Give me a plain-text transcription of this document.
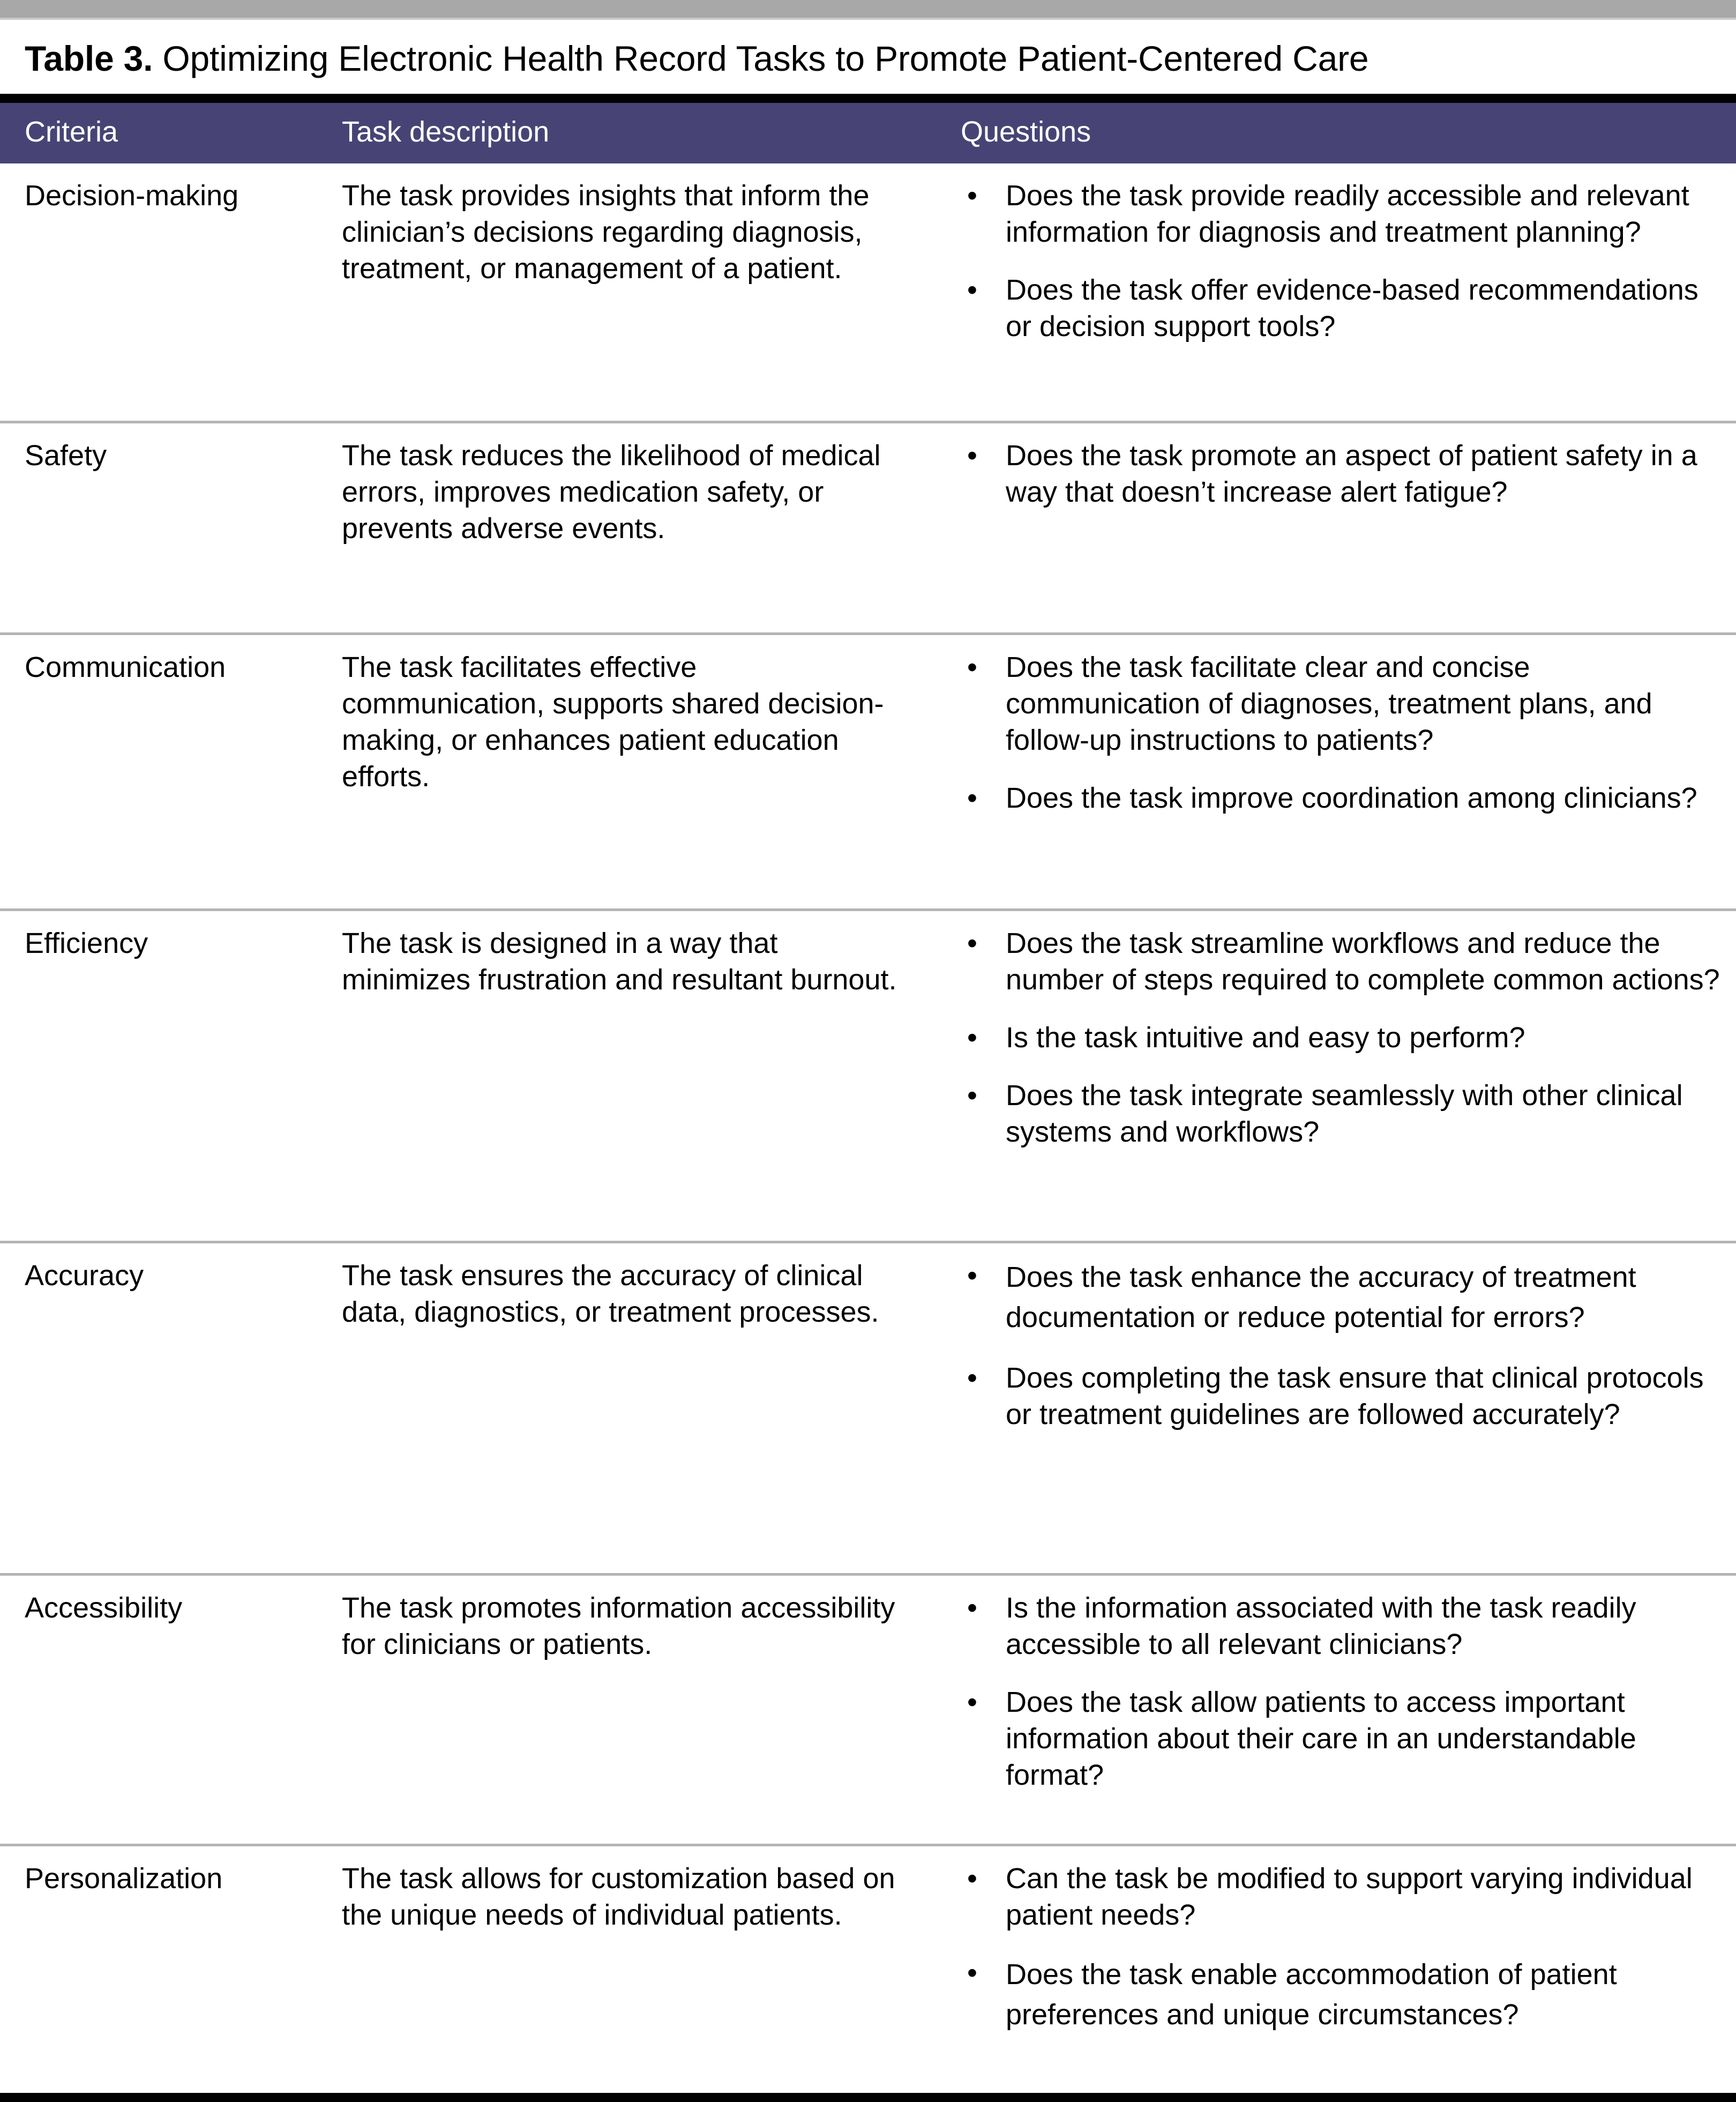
Table 3. Optimizing Electronic Health Record Tasks to Promote Patient-Centered Care
Criteria	Task description	Questions
Decision-making	The task provides insights that inform the clinician’s decisions regarding diagnosis, treatment, or management of a patient.	
• Does the task provide readily accessible and relevant information for diagnosis and treatment planning?
• Does the task offer evidence-based recommendations or decision support tools?

Safety	The task reduces the likelihood of medical errors, improves medication safety, or prevents adverse events.	
• Does the task promote an aspect of patient safety in a way that doesn’t increase alert fatigue?

Communication	The task facilitates effective communication, supports shared decision-making, or enhances patient education efforts.	
• Does the task facilitate clear and concise communication of diagnoses, treatment plans, and follow-up instructions to patients?
• Does the task improve coordination among clinicians?

Efficiency	The task is designed in a way that minimizes frustration and resultant burnout.	
• Does the task streamline workflows and reduce the number of steps required to complete common actions?
• Is the task intuitive and easy to perform?
• Does the task integrate seamlessly with other clinical systems and workflows?

Accuracy	The task ensures the accuracy of clinical data, diagnostics, or treatment processes.	
• Does the task enhance the accuracy of treatment documentation or reduce potential for errors?
• Does completing the task ensure that clinical protocols or treatment guidelines are followed accurately?

Accessibility	The task promotes information accessibility for clinicians or patients.	
• Is the information associated with the task readily accessible to all relevant clinicians?
• Does the task allow patients to access important information about their care in an understandable format?

Personalization	The task allows for customization based on the unique needs of individual patients.	
• Can the task be modified to support varying individual patient needs?
• Does the task enable accommodation of patient preferences and unique circumstances?
